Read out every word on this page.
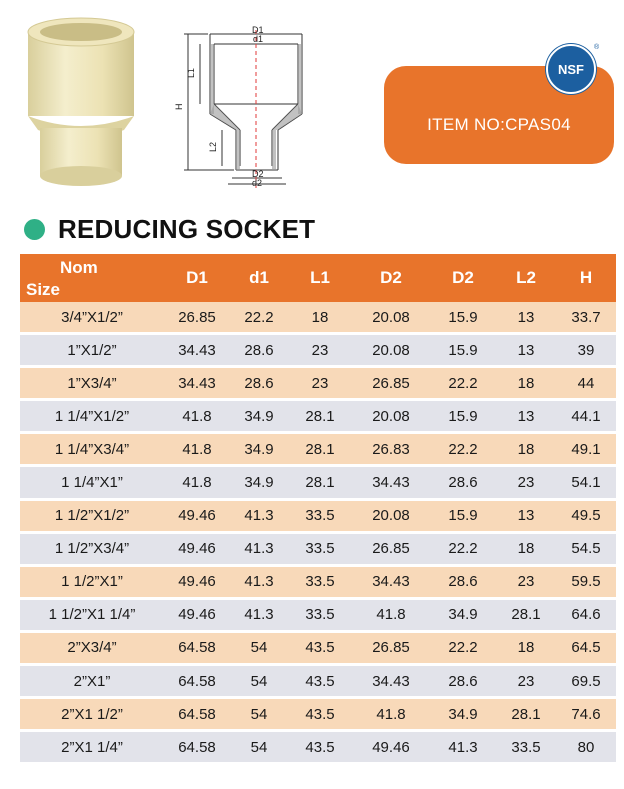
D1
d1
L1
H
L2
D2
d2
ITEM NO:CPAS04
NSF
®
REDUCING SOCKET
Nom
Size	D1	d1	L1	D2	D2	L2	H
3/4”X1/2”	26.85	22.2	18	20.08	15.9	13	33.7
1”X1/2”	34.43	28.6	23	20.08	15.9	13	39
1”X3/4”	34.43	28.6	23	26.85	22.2	18	44
1 1/4”X1/2”	41.8	34.9	28.1	20.08	15.9	13	44.1
1 1/4”X3/4”	41.8	34.9	28.1	26.83	22.2	18	49.1
1 1/4”X1”	41.8	34.9	28.1	34.43	28.6	23	54.1
1 1/2”X1/2”	49.46	41.3	33.5	20.08	15.9	13	49.5
1 1/2”X3/4”	49.46	41.3	33.5	26.85	22.2	18	54.5
1 1/2”X1”	49.46	41.3	33.5	34.43	28.6	23	59.5
1 1/2”X1 1/4”	49.46	41.3	33.5	41.8	34.9	28.1	64.6
2”X3/4”	64.58	54	43.5	26.85	22.2	18	64.5
2”X1”	64.58	54	43.5	34.43	28.6	23	69.5
2”X1 1/2”	64.58	54	43.5	41.8	34.9	28.1	74.6
2”X1 1/4”	64.58	54	43.5	49.46	41.3	33.5	80
